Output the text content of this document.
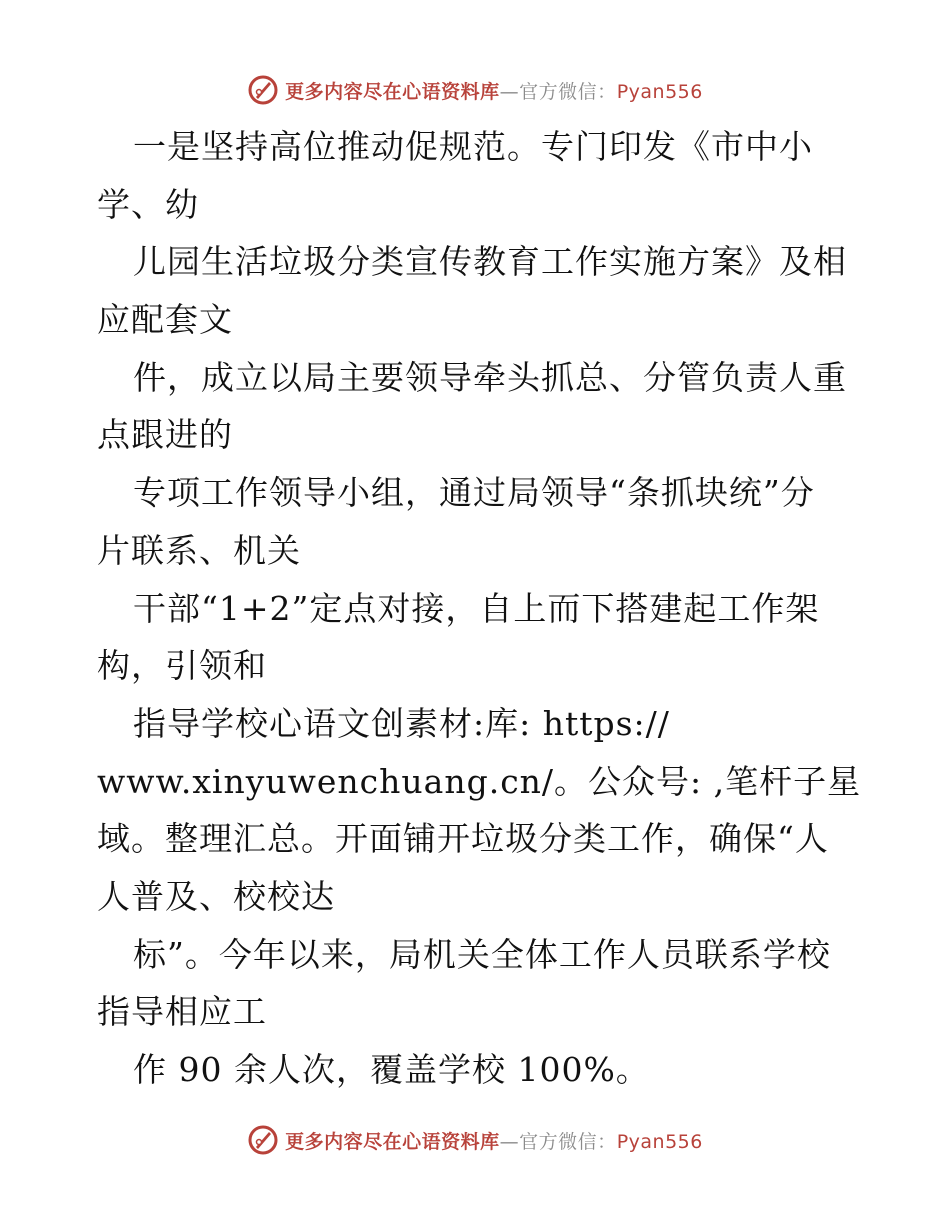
更多内容尽在心语资料库—官方微信：Pyan556
一是坚持高位推动促规范。专门印发《市中小
学、幼
儿园生活垃圾分类宣传教育工作实施方案》及相
应配套文
件，成立以局主要领导牵头抓总、分管负责人重
点跟进的
专项工作领导小组，通过局领导“条抓块统”分
片联系、机关
干部“1+2”定点对接，自上而下搭建起工作架
构，引领和
指导学校心语文创素材:库: https://
www.xinyuwenchuang.cn/。公众号: ,笔杆子星
域。整理汇总。开面铺开垃圾分类工作，确保“人
人普及、校校达
标”。今年以来，局机关全体工作人员联系学校
指导相应工
作 90 余人次，覆盖学校 100%。
更多内容尽在心语资料库—官方微信：Pyan556
